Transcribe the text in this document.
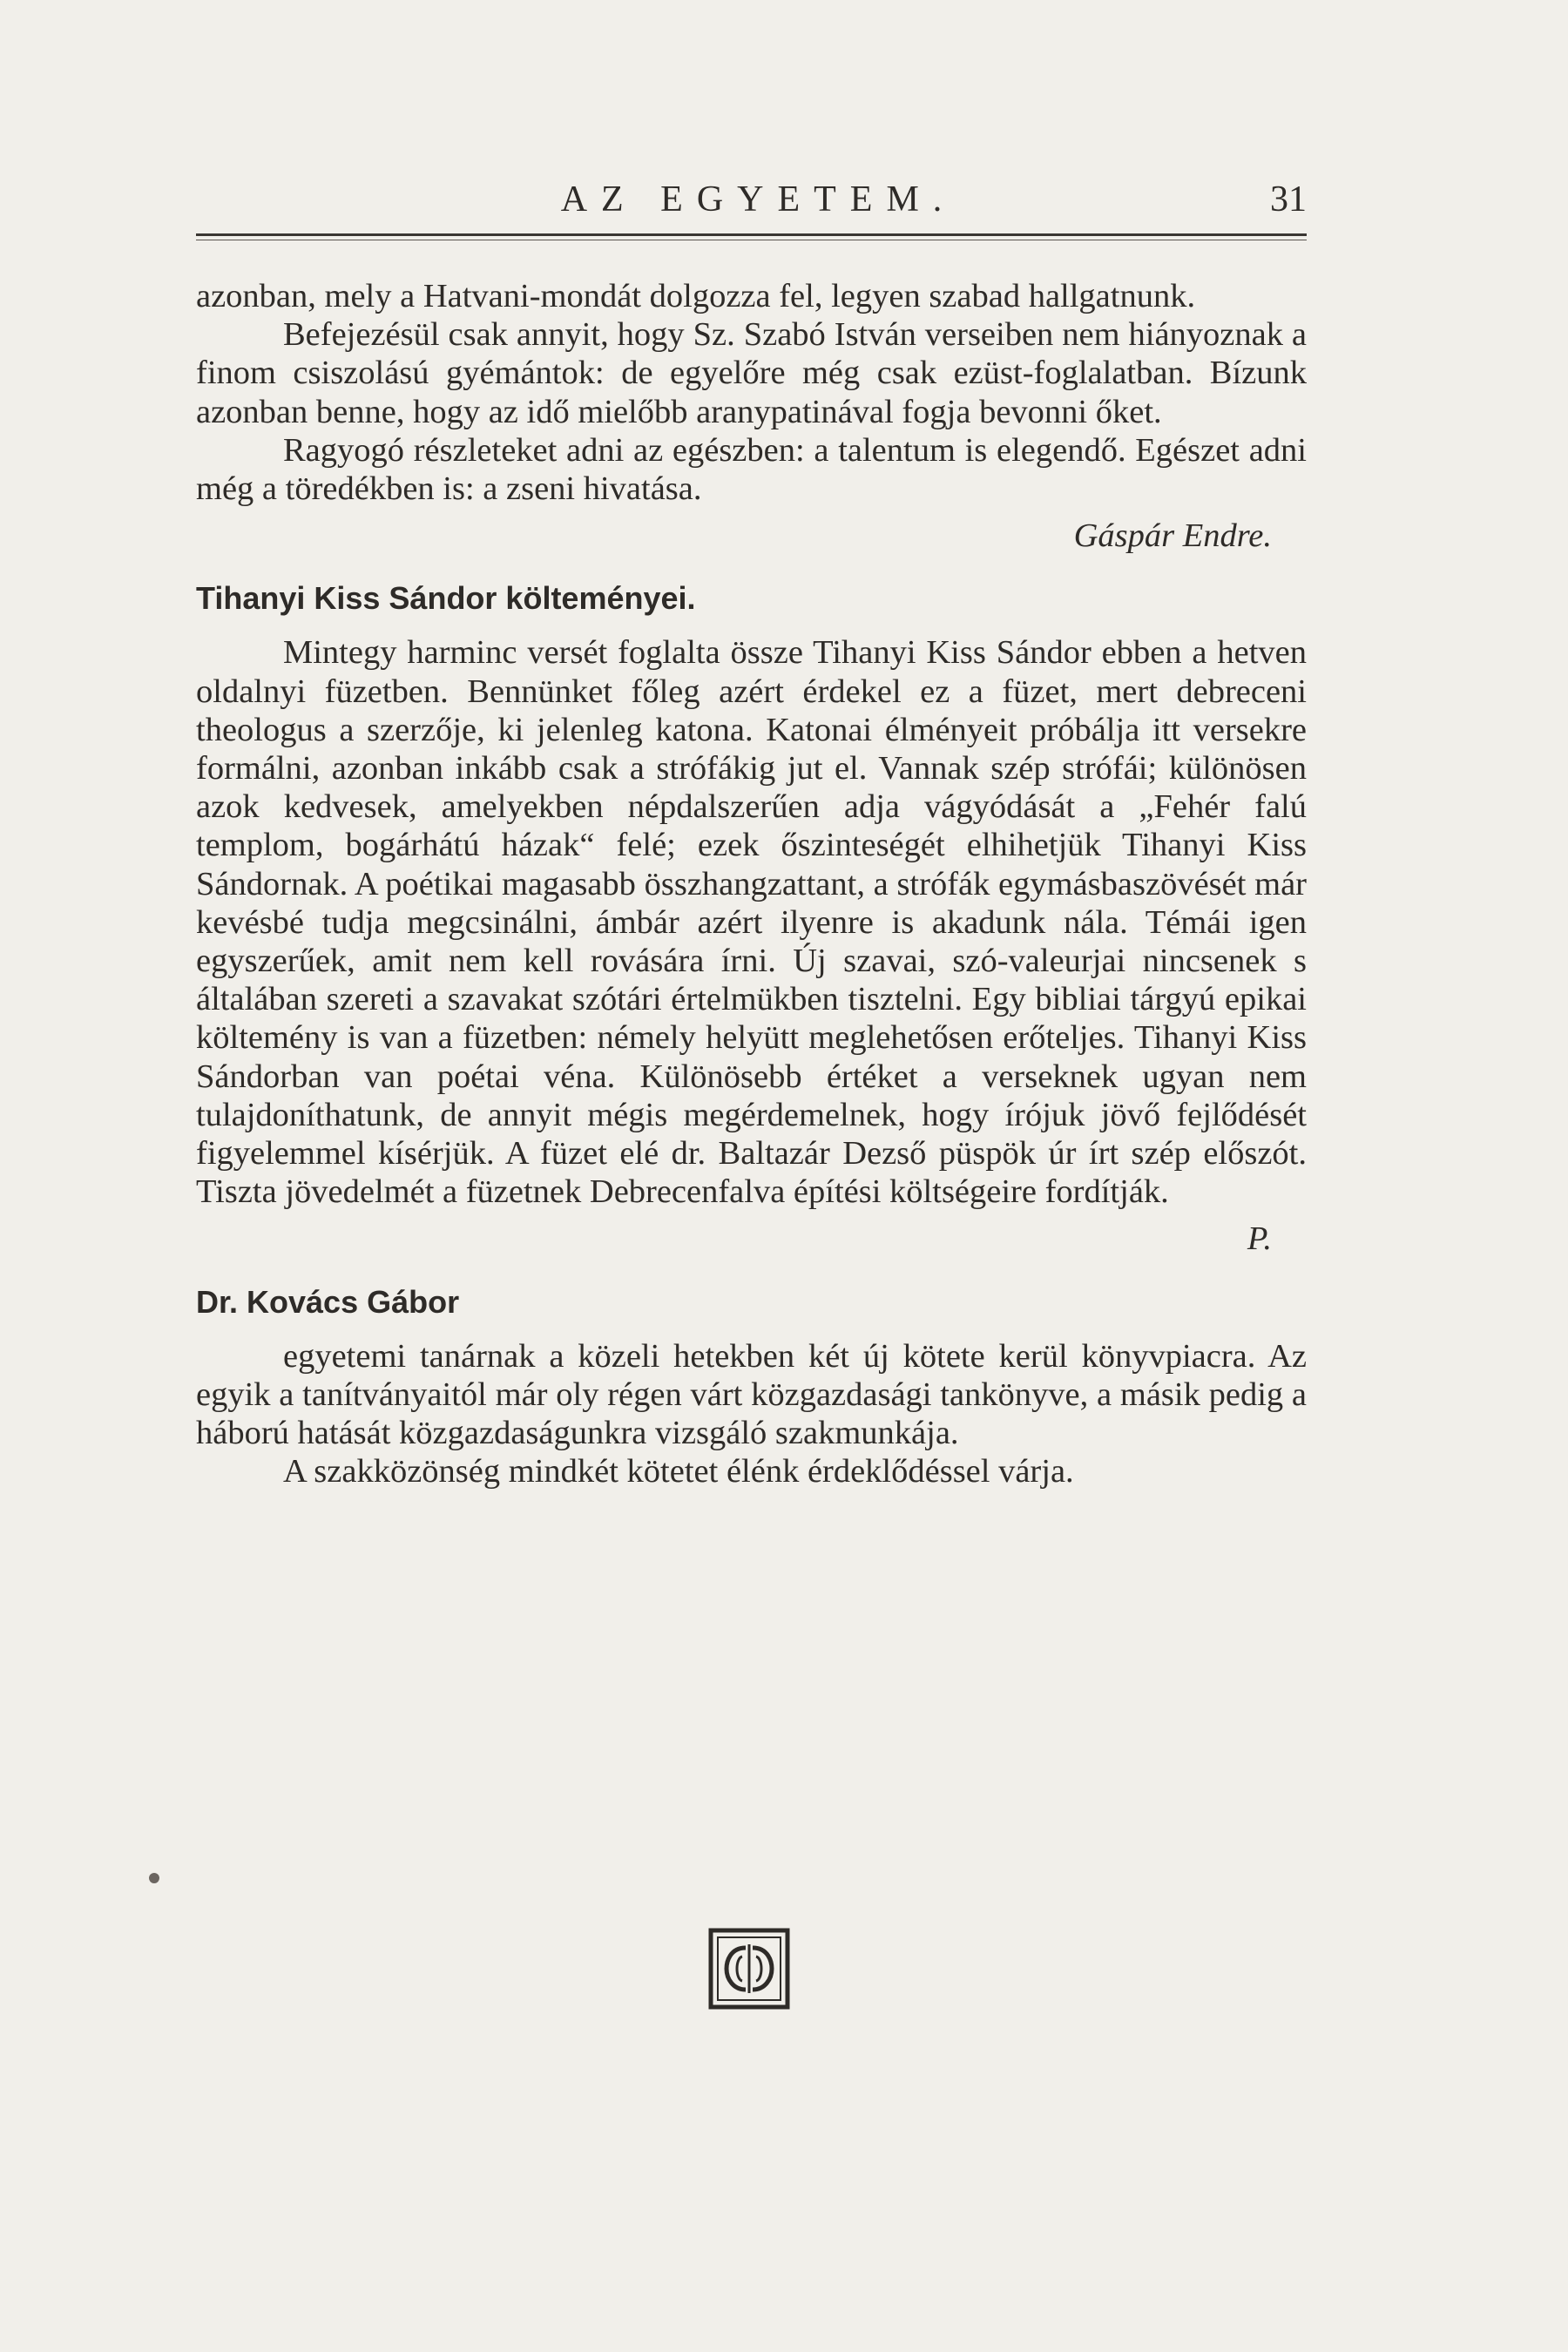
AZ EGYETEM.	31

azonban, mely a Hatvani-mondát dolgozza fel, legyen szabad hallgatnunk.

Befejezésül csak annyit, hogy Sz. Szabó István verseiben nem hiányoznak a finom csiszolású gyémántok: de egyelőre még csak ezüst-foglalatban. Bízunk azonban benne, hogy az idő mielőbb aranypatinával fogja bevonni őket.

Ragyogó részleteket adni az egészben: a talentum is elegendő. Egészet adni még a töredékben is: a zseni hivatása.

Gáspár Endre.

Tihanyi Kiss Sándor költeményei.

Mintegy harminc versét foglalta össze Tihanyi Kiss Sándor ebben a hetven oldalnyi füzetben. Bennünket főleg azért érdekel ez a füzet, mert debreceni theologus a szerzője, ki jelenleg katona. Katonai élményeit próbálja itt versekre formálni, azonban inkább csak a strófákig jut el. Vannak szép strófái; különösen azok kedvesek, amelyekben népdalszerűen adja vágyódását a „Fehér falú templom, bogárhátú házak“ felé; ezek őszinteségét elhihetjük Tihanyi Kiss Sándornak. A poétikai magasabb összhangzattant, a strófák egymásbaszövését már kevésbé tudja megcsinálni, ámbár azért ilyenre is akadunk nála. Témái igen egyszerűek, amit nem kell rovására írni. Új szavai, szó-valeurjai nincsenek s általában szereti a szavakat szótári értelmükben tisztelni. Egy bibliai tárgyú epikai költemény is van a füzetben: némely helyütt meglehetősen erőteljes. Tihanyi Kiss Sándorban van poétai véna. Különösebb értéket a verseknek ugyan nem tulajdoníthatunk, de annyit mégis megérdemelnek, hogy írójuk jövő fejlődését figyelemmel kísérjük. A füzet elé dr. Baltazár Dezső püspök úr írt szép előszót. Tiszta jövedelmét a füzetnek Debrecenfalva építési költségeire fordítják.

P.

Dr. Kovács Gábor

egyetemi tanárnak a közeli hetekben két új kötete kerül könyvpiacra. Az egyik a tanítványaitól már oly régen várt közgazdasági tankönyve, a másik pedig a háború hatását közgazdaságunkra vizsgáló szakmunkája.

A szakközönség mindkét kötetet élénk érdeklődéssel várja.
